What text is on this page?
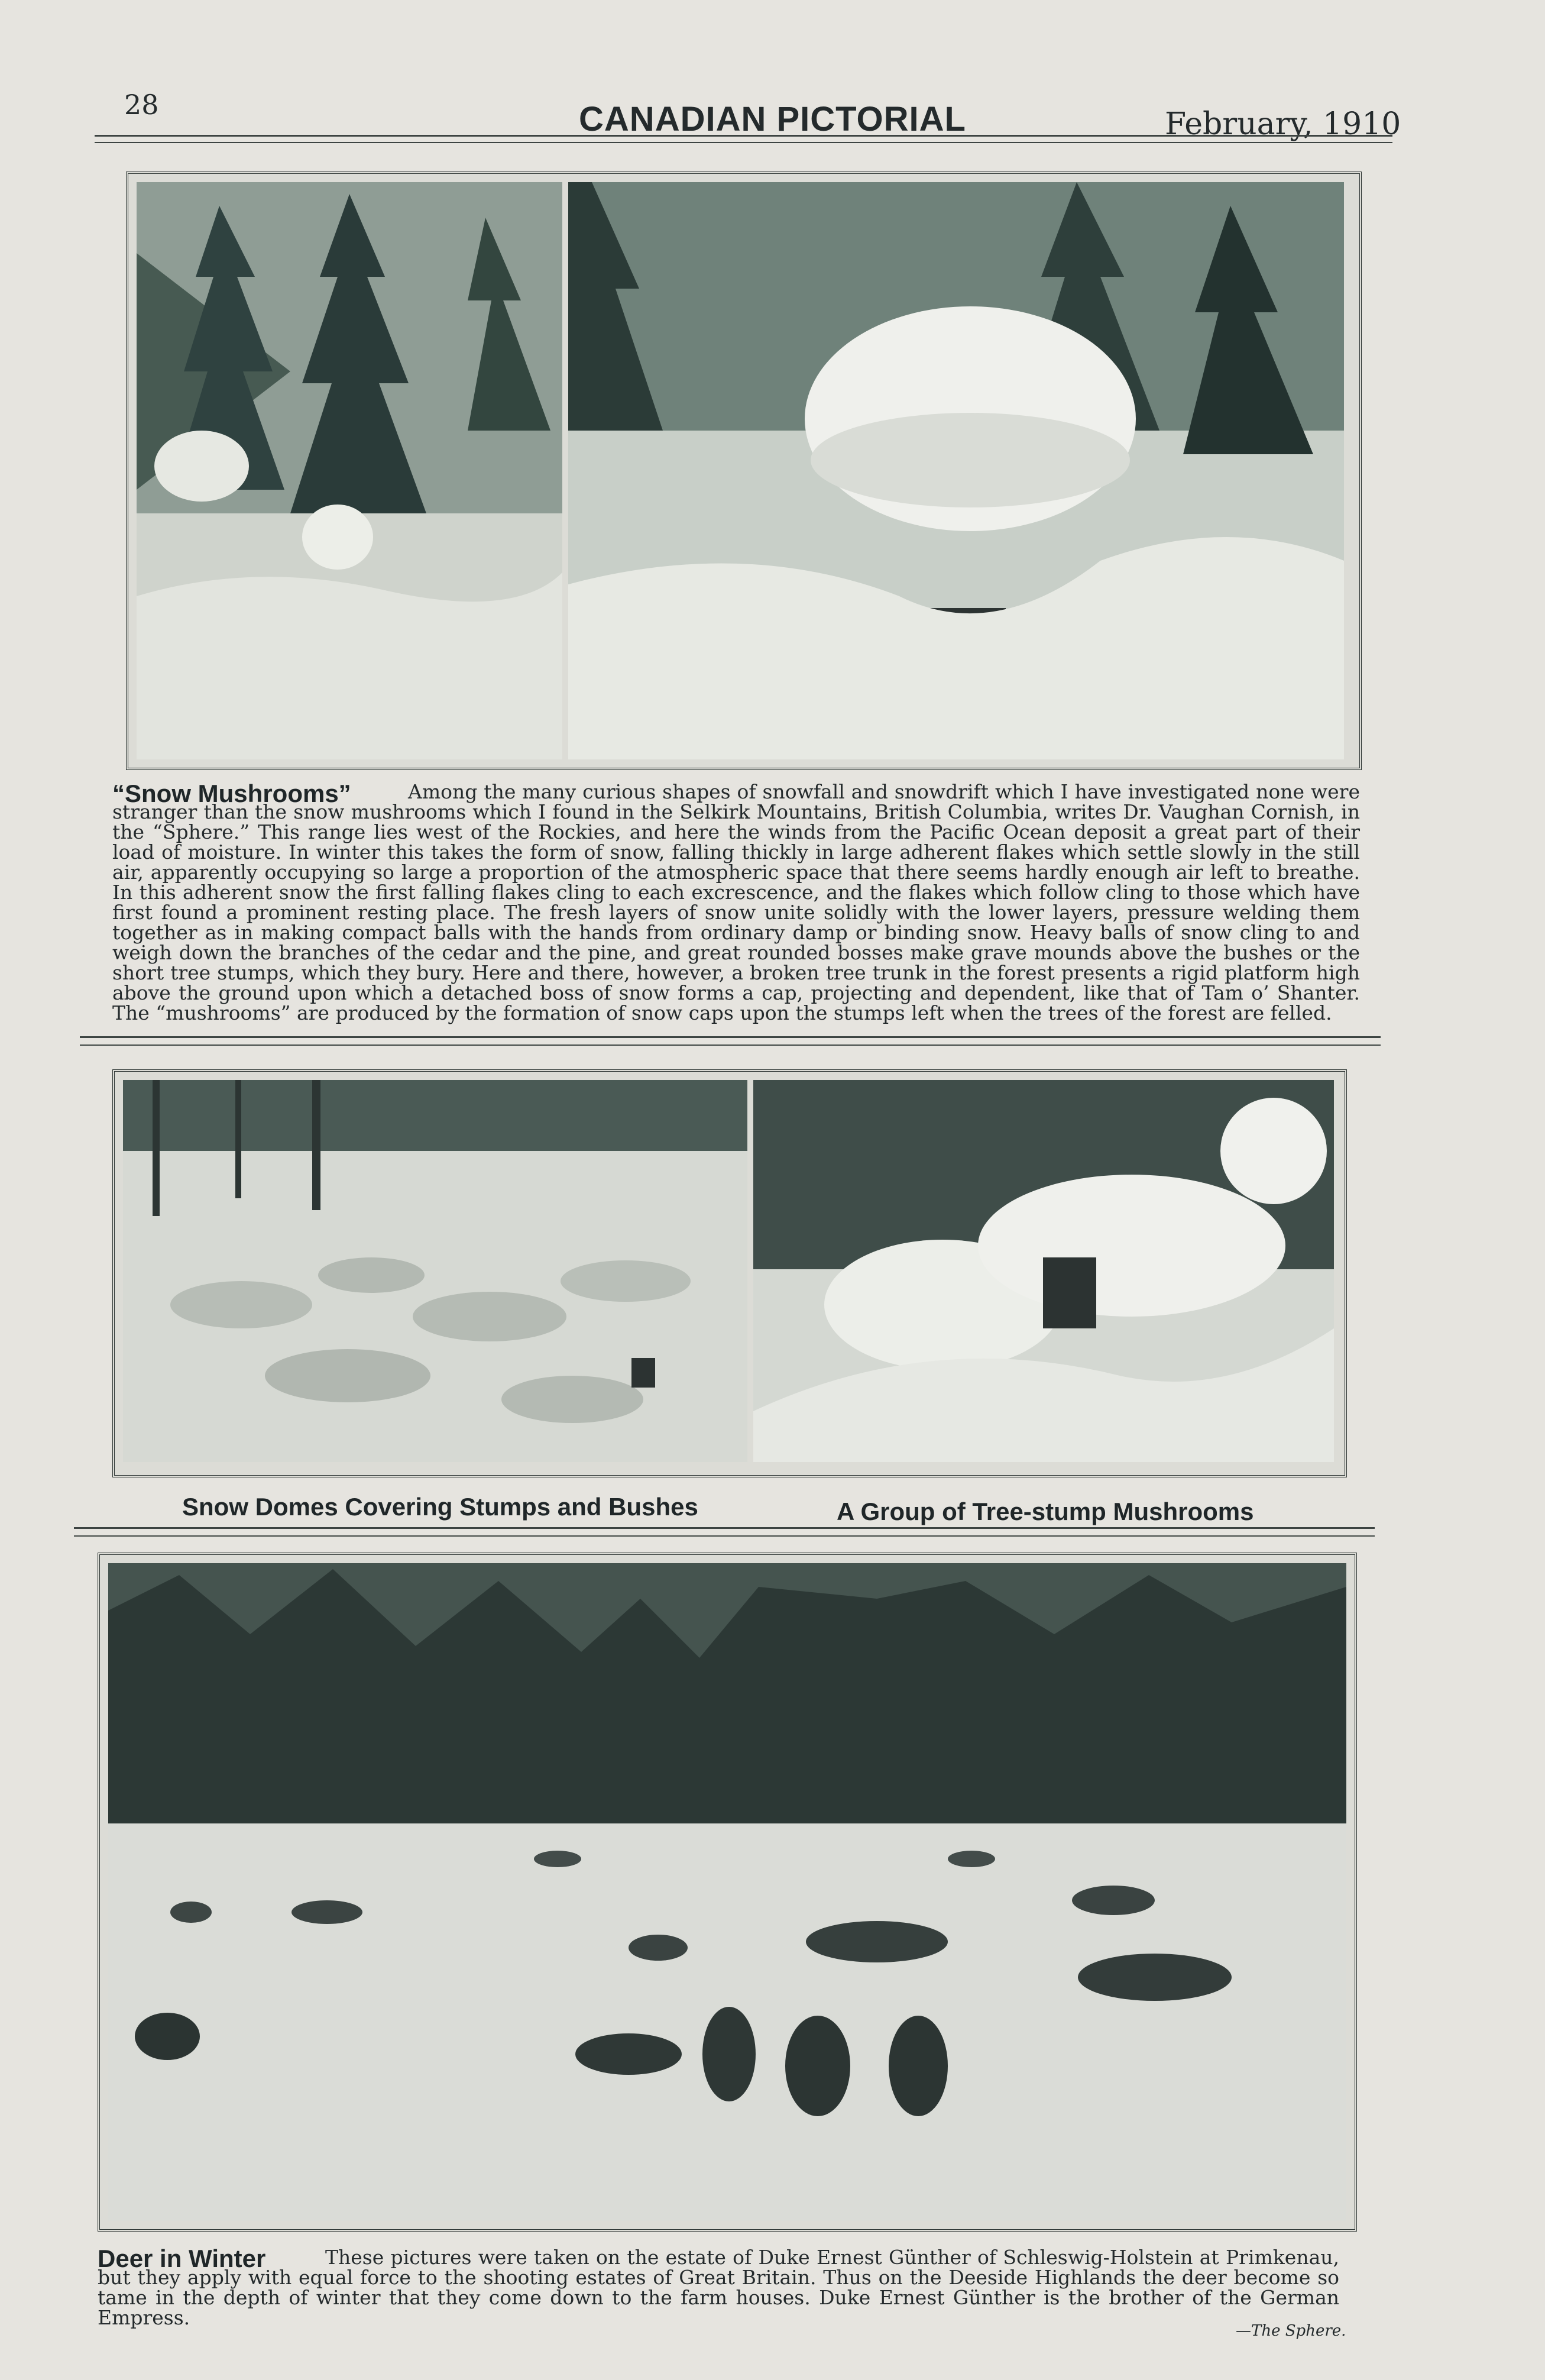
28	CANADIAN PICTORIAL	February, 1910
“Snow Mushrooms”	Among the many curious shapes of snowfall and snowdrift which I have investigated none were stranger than the snow mushrooms which I found in the Selkirk Mountains, British Columbia, writes Dr. Vaughan Cornish, in the “Sphere.” This range lies west of the Rockies, and here the winds from the Pacific Ocean deposit a great part of their load of moisture. In winter this takes the form of snow, falling thickly in large adherent flakes which settle slowly in the still air, apparently occupying so large a proportion of the atmospheric space that there seems hardly enough air left to breathe. In this adherent snow the first falling flakes cling to each excrescence, and the flakes which follow cling to those which have first found a prominent resting place. The fresh layers of snow unite solidly with the lower layers, pressure welding them together as in making compact balls with the hands from ordinary damp or binding snow. Heavy balls of snow cling to and weigh down the branches of the cedar and the pine, and great rounded bosses make grave mounds above the bushes or the short tree stumps, which they bury. Here and there, however, a broken tree trunk in the forest presents a rigid platform high above the ground upon which a detached boss of snow forms a cap, projecting and dependent, like that of Tam o’ Shanter. The “mushrooms” are produced by the formation of snow caps upon the stumps left when the trees of the forest are felled.
Snow Domes Covering Stumps and Bushes	A Group of Tree-stump Mushrooms
Deer in Winter	These pictures were taken on the estate of Duke Ernest Günther of Schleswig-Holstein at Primkenau, but they apply with equal force to the shooting estates of Great Britain. Thus on the Deeside Highlands the deer become so tame in the depth of winter that they come down to the farm houses. Duke Ernest Günther is the brother of the German Empress.
—The Sphere.
